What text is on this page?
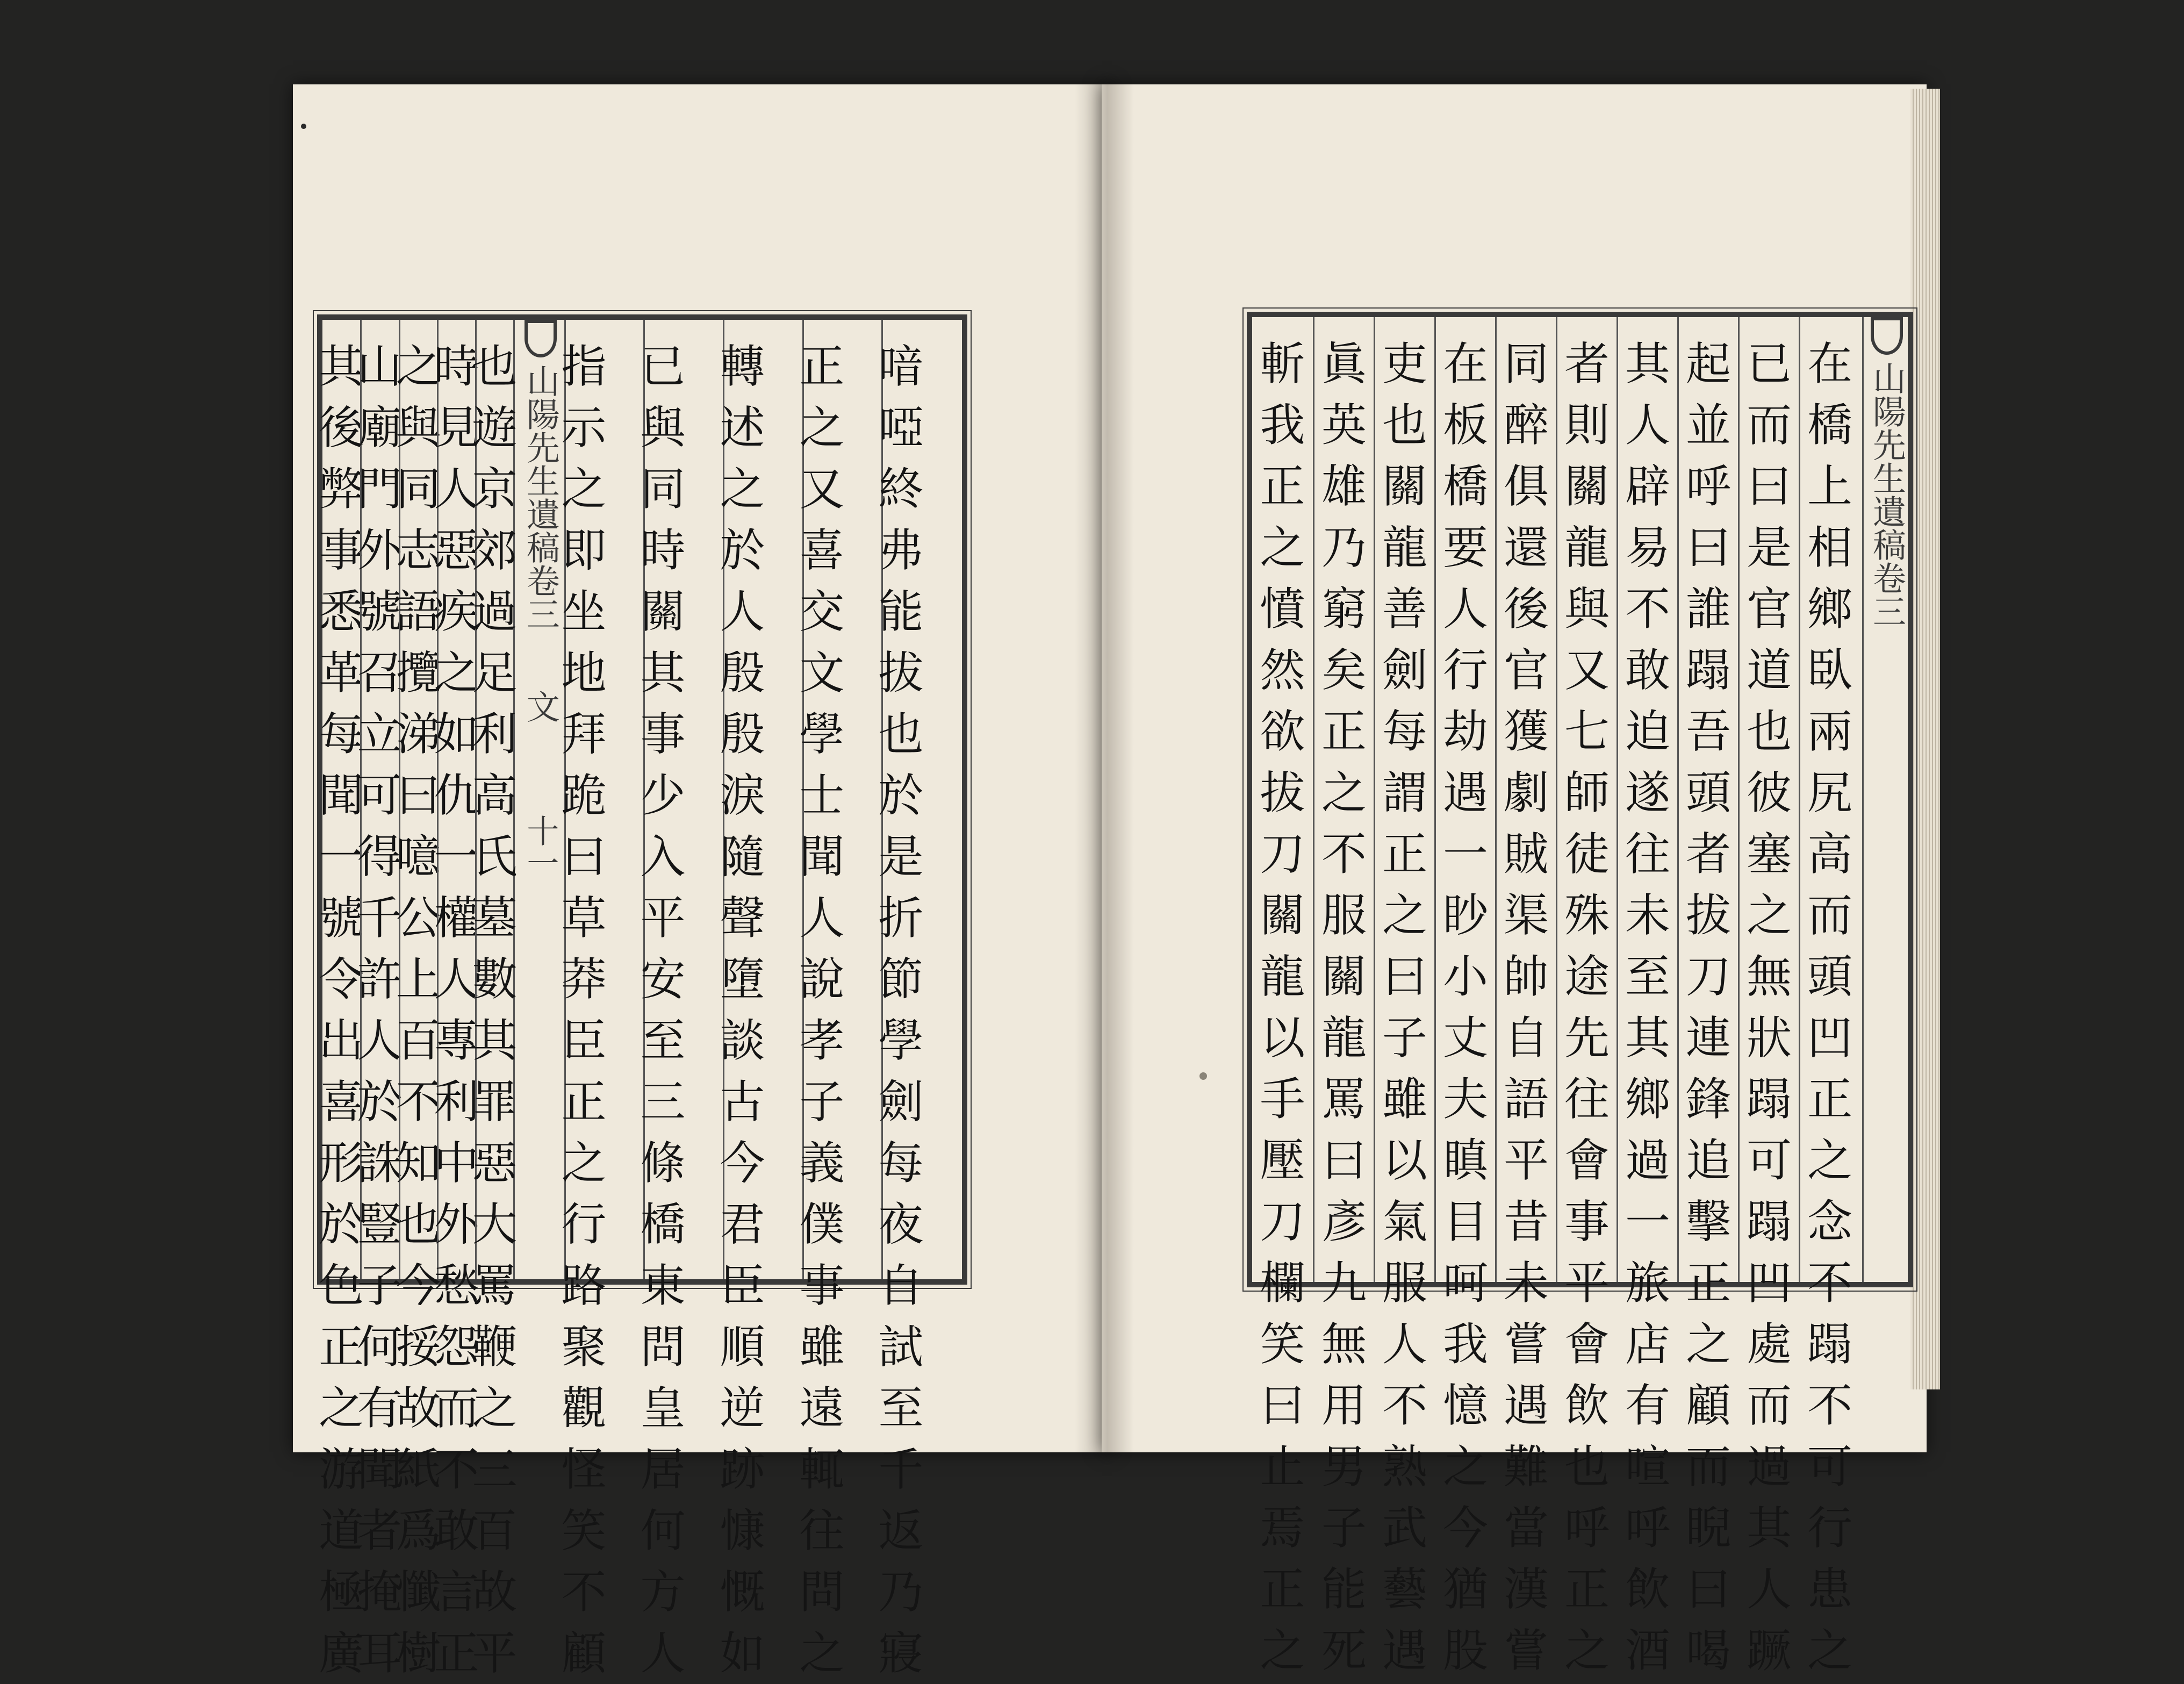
山陽先生遺稿卷三
文
十一
其
後
弊
事
悉
革
每
聞
一
號
令
出
喜
形
於
色
正
之
游
道
極
廣
山
廟
門
外
號
召
立
可
得
千
許
人
於
誅
豎
子
何
有
聞
者
掩
耳
之
與
同
志
語
攬
涕
曰
噫
公
上
百
不
知
也
今
挼
故
紙
爲
懺
樹
時
見
人
惡
疾
之
如
仇
一
權
人
專
利
中
外
愁
怨
而
不
敢
言
正
也
遊
京
郊
過
足
利
高
氏
墓
數
其
罪
惡
大
罵
鞭
之
三
百
故
平
指
示
之
即
坐
地
拜
跪
曰
草
莽
臣
正
之
行
路
聚
觀
怪
笑
不
顧
已
與
同
時
關
其
事
少
入
平
安
至
三
條
橋
東
問
皇
居
何
方
人
轉
述
之
於
人
殷
殷
淚
隨
聲
墮
談
古
今
君
臣
順
逆
跡
慷
慨
如
正
之
又
喜
交
文
學
士
聞
人
說
孝
子
義
僕
事
雖
遠
輒
往
問
之
喑
啞
終
弗
能
拔
也
於
是
折
節
學
劍
每
夜
自
試
至
千
返
乃
寢
山陽先生遺稿卷三
斬
我
正
之
憤
然
欲
拔
刀
關
龍
以
手
壓
刀
欄
笑
曰
止
焉
正
之
眞
英
雄
乃
窮
矣
正
之
不
服
關
龍
罵
曰
彥
九
無
用
男
子
能
死
吏
也
關
龍
善
劍
每
謂
正
之
曰
子
雖
以
氣
服
人
不
熟
武
藝
遇
在
板
橋
要
人
行
劫
遇
一
眇
小
丈
夫
瞋
目
呵
我
憶
之
今
猶
股
同
醉
俱
還
後
官
獲
劇
賊
渠
帥
自
語
平
昔
未
嘗
遇
難
當
漢
嘗
者
則
關
龍
與
又
七
師
徒
殊
途
先
往
會
事
平
會
飲
也
呼
正
之
其
人
辟
易
不
敢
迫
遂
往
未
至
其
鄉
過
一
旅
店
有
喧
呼
飲
酒
起
並
呼
曰
誰
蹋
吾
頭
者
拔
刀
連
鋒
追
擊
正
之
顧
而
睨
曰
喝
已
而
曰
是
官
道
也
彼
塞
之
無
狀
蹋
可
蹋
凹
處
而
過
其
人
蹶
在
橋
上
相
鄉
臥
兩
尻
高
而
頭
凹
正
之
念
不
蹋
不
可
行
患
之
